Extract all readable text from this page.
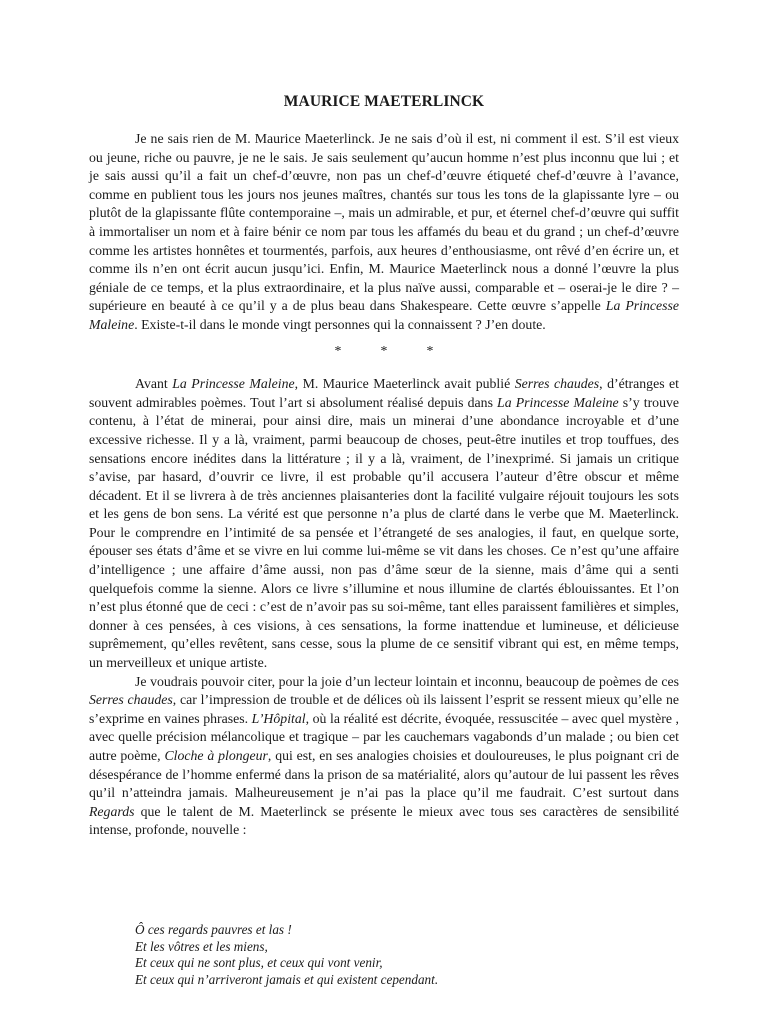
MAURICE MAETERLINCK

Je ne sais rien de M. Maurice Maeterlinck. Je ne sais d’où il est, ni comment il est. S’il est vieux ou jeune, riche ou pauvre, je ne le sais. Je sais seulement qu’aucun homme n’est plus inconnu que lui ; et je sais aussi qu’il a fait un chef-d’œuvre, non pas un chef-d’œuvre étiqueté chef-d’œuvre à l’avance, comme en publient tous les jours nos jeunes maîtres, chantés sur tous les tons de la glapissante lyre – ou plutôt de la glapissante flûte contemporaine –, mais un admirable, et pur, et éternel chef-d’œuvre qui suffit à immortaliser un nom et à faire bénir ce nom par tous les affamés du beau et du grand ; un chef-d’œuvre comme les artistes honnêtes et tourmentés, parfois, aux heures d’enthousiasme, ont rêvé d’en écrire un, et comme ils n’en ont écrit aucun jusqu’ici. Enfin, M. Maurice Maeterlinck nous a donné l’œuvre la plus géniale de ce temps, et la plus extraordinaire, et la plus naïve aussi, comparable et – oserai-je le dire ? – supérieure en beauté à ce qu’il y a de plus beau dans Shakespeare. Cette œuvre s’appelle La Princesse Maleine. Existe-t-il dans le monde vingt personnes qui la connaissent ? J’en doute.

*	*	*

Avant La Princesse Maleine, M. Maurice Maeterlinck avait publié Serres chaudes, d’étranges et souvent admirables poèmes. Tout l’art si absolument réalisé depuis dans La Princesse Maleine s’y trouve contenu, à l’état de minerai, pour ainsi dire, mais un minerai d’une abondance incroyable et d’une excessive richesse. Il y a là, vraiment, parmi beaucoup de choses, peut-être inutiles et trop touffues, des sensations encore inédites dans la littérature ; il y a là, vraiment, de l’inexprimé. Si jamais un critique s’avise, par hasard, d’ouvrir ce livre, il est probable qu’il accusera l’auteur d’être obscur et même décadent. Et il se livrera à de très anciennes plaisanteries dont la facilité vulgaire réjouit toujours les sots et les gens de bon sens. La vérité est que personne n’a plus de clarté dans le verbe que M. Maeterlinck. Pour le comprendre en l’intimité de sa pensée et l’étrangeté de ses analogies, il faut, en quelque sorte, épouser ses états d’âme et se vivre en lui comme lui-même se vit dans les choses. Ce n’est qu’une affaire d’intelligence ; une affaire d’âme aussi, non pas d’âme sœur de la sienne, mais d’âme qui a senti quelquefois comme la sienne. Alors ce livre s’illumine et nous illumine de clartés éblouissantes. Et l’on n’est plus étonné que de ceci : c’est de n’avoir pas su soi-même, tant elles paraissent familières et simples, donner à ces pensées, à ces visions, à ces sensations, la forme inattendue et lumineuse, et délicieuse suprêmement, qu’elles revêtent, sans cesse, sous la plume de ce sensitif vibrant qui est, en même temps, un merveilleux et unique artiste.

Je voudrais pouvoir citer, pour la joie d’un lecteur lointain et inconnu, beaucoup de poèmes de ces Serres chaudes, car l’impression de trouble et de délices où ils laissent l’esprit se ressent mieux qu’elle ne s’exprime en vaines phrases. L’Hôpital, où la réalité est décrite, évoquée, ressuscitée – avec quel mystère , avec quelle précision mélancolique et tragique – par les cauchemars vagabonds d’un malade ; ou bien cet autre poème, Cloche à plongeur, qui est, en ses analogies choisies et douloureuses, le plus poignant cri de désespérance de l’homme enfermé dans la prison de sa matérialité, alors qu’autour de lui passent les rêves qu’il n’atteindra jamais. Malheureusement je n’ai pas la place qu’il me faudrait. C’est surtout dans Regards que le talent de M. Maeterlinck se présente le mieux avec tous ses caractères de sensibilité intense, profonde, nouvelle :

Ô ces regards pauvres et las !
Et les vôtres et les miens,
Et ceux qui ne sont plus, et ceux qui vont venir,
Et ceux qui n’arriveront jamais et qui existent cependant.
